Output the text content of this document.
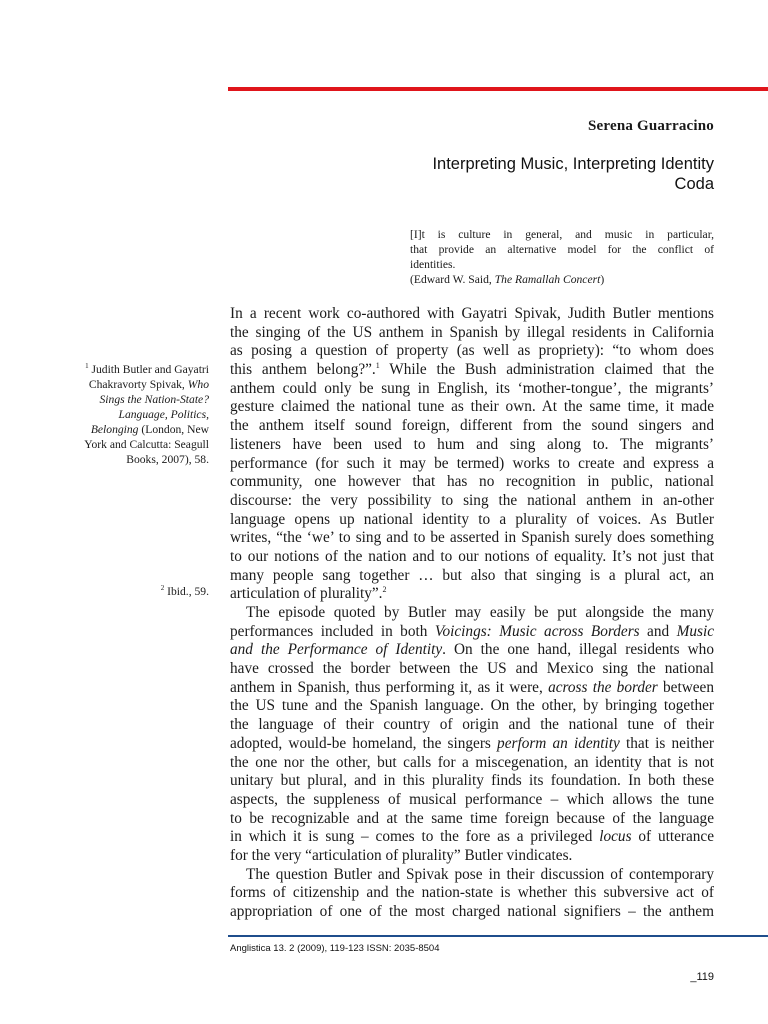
Serena Guarracino
Interpreting Music, Interpreting Identity
Coda
[I]t is culture in general, and music in particular,
that provide an alternative model for the conflict of
identities.
(Edward W. Said, The Ramallah Concert)
$^1$ Judith Butler and Gayatri
Chakravorty Spivak, Who
Sings the Nation-State?
Language, Politics,
Belonging (London, New
York and Calcutta: Seagull
Books, 2007), 58.
$^2$ Ibid., 59.
In a recent work co-authored with Gayatri Spivak, Judith Butler mentions
the singing of the US anthem in Spanish by illegal residents in California
as posing a question of property (as well as propriety): “to whom does
this anthem belong?”.$^1$ While the Bush administration claimed that the
anthem could only be sung in English, its ‘mother-tongue’, the migrants’
gesture claimed the national tune as their own. At the same time, it made
the anthem itself sound foreign, different from the sound singers and
listeners have been used to hum and sing along to. The migrants’
performance (for such it may be termed) works to create and express a
community, one however that has no recognition in public, national
discourse: the very possibility to sing the national anthem in an-other
language opens up national identity to a plurality of voices. As Butler
writes, “the ‘we’ to sing and to be asserted in Spanish surely does something
to our notions of the nation and to our notions of equality. It’s not just that
many people sang together … but also that singing is a plural act, an
articulation of plurality”.$^2$
The episode quoted by Butler may easily be put alongside the many
performances included in both Voicings: Music across Borders and Music
and the Performance of Identity. On the one hand, illegal residents who
have crossed the border between the US and Mexico sing the national
anthem in Spanish, thus performing it, as it were, across the border between
the US tune and the Spanish language. On the other, by bringing together
the language of their country of origin and the national tune of their
adopted, would-be homeland, the singers perform an identity that is neither
the one nor the other, but calls for a miscegenation, an identity that is not
unitary but plural, and in this plurality finds its foundation. In both these
aspects, the suppleness of musical performance – which allows the tune
to be recognizable and at the same time foreign because of the language
in which it is sung – comes to the fore as a privileged locus of utterance
for the very “articulation of plurality” Butler vindicates.
The question Butler and Spivak pose in their discussion of contemporary
forms of citizenship and the nation-state is whether this subversive act of
appropriation of one of the most charged national signifiers – the anthem
Anglistica 13. 2 (2009), 119-123 ISSN: 2035-8504
_119
